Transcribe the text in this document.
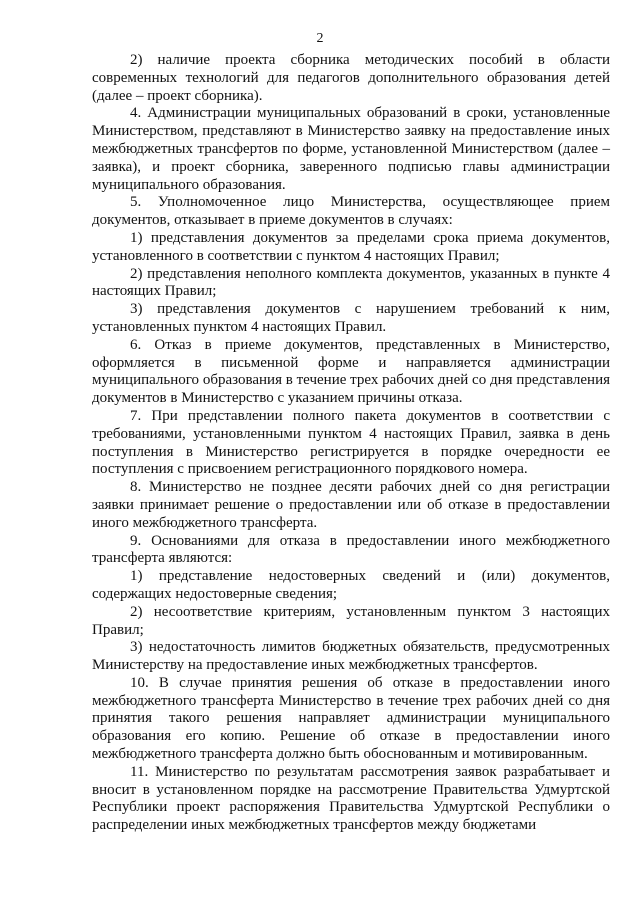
2

2) наличие проекта сборника методических пособий в области современных технологий для педагогов дополнительного образования детей (далее – проект сборника).

4. Администрации муниципальных образований в сроки, установленные Министерством, представляют в Министерство заявку на предоставление иных межбюджетных трансфертов по форме, установленной Министерством (далее – заявка), и проект сборника, заверенного подписью главы администрации муниципального образования.

5. Уполномоченное лицо Министерства, осуществляющее прием документов, отказывает в приеме документов в случаях:

1) представления документов за пределами срока приема документов, установленного в соответствии с пунктом 4 настоящих Правил;

2) представления неполного комплекта документов, указанных в пункте 4 настоящих Правил;

3) представления документов с нарушением требований к ним, установленных пунктом 4 настоящих Правил.

6. Отказ в приеме документов, представленных в Министерство, оформляется в письменной форме и направляется администрации муниципального образования в течение трех рабочих дней со дня представления документов в Министерство с указанием причины отказа.

7. При представлении полного пакета документов в соответствии с требованиями, установленными пунктом 4 настоящих Правил, заявка в день поступления в Министерство регистрируется в порядке очередности ее поступления с присвоением регистрационного порядкового номера.

8. Министерство не позднее десяти рабочих дней со дня регистрации заявки принимает решение о предоставлении или об отказе в предоставлении иного межбюджетного трансферта.

9. Основаниями для отказа в предоставлении иного межбюджетного трансферта являются:

1) представление недостоверных сведений и (или) документов, содержащих недостоверные сведения;

2) несоответствие критериям, установленным пунктом 3 настоящих Правил;

3) недостаточность лимитов бюджетных обязательств, предусмотренных Министерству на предоставление иных межбюджетных трансфертов.

10. В случае принятия решения об отказе в предоставлении иного межбюджетного трансферта Министерство в течение трех рабочих дней со дня принятия такого решения направляет администрации муниципального образования его копию. Решение об отказе в предоставлении иного межбюджетного трансферта должно быть обоснованным и мотивированным.

11. Министерство по результатам рассмотрения заявок разрабатывает и вносит в установленном порядке на рассмотрение Правительства Удмуртской Республики проект распоряжения Правительства Удмуртской Республики о распределении иных межбюджетных трансфертов между бюджетами
